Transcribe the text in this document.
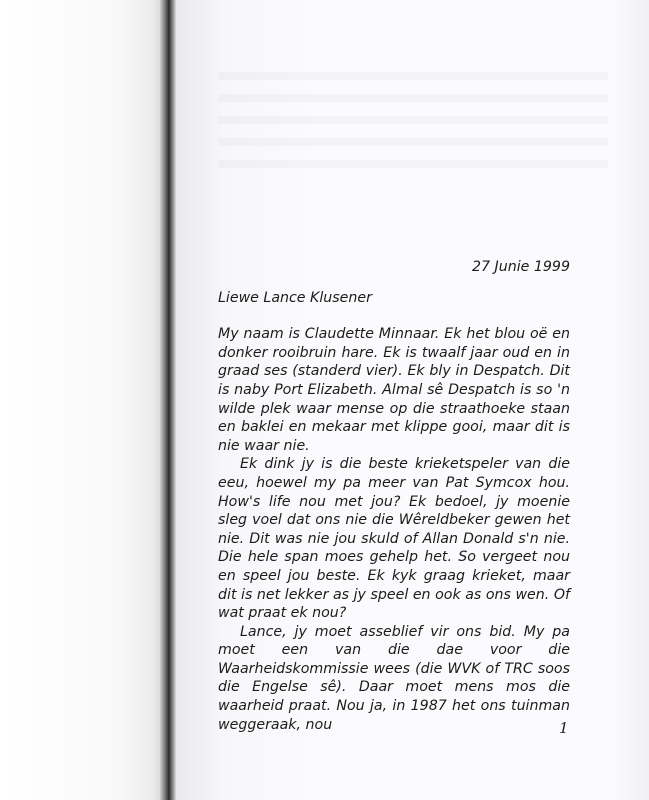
27 Junie 1999

Liewe Lance Klusener

My naam is Claudette Minnaar. Ek het blou oë en donker rooibruin hare. Ek is twaalf jaar oud en in graad ses (standerd vier). Ek bly in Despatch. Dit is naby Port Elizabeth. Almal sê Despatch is so 'n wilde plek waar mense op die straathoeke staan en baklei en mekaar met klippe gooi, maar dit is nie waar nie.

Ek dink jy is die beste krieketspeler van die eeu, hoewel my pa meer van Pat Symcox hou. How's life nou met jou? Ek bedoel, jy moenie sleg voel dat ons nie die Wêreldbeker gewen het nie. Dit was nie jou skuld of Allan Donald s'n nie. Die hele span moes gehelp het. So vergeet nou en speel jou beste. Ek kyk graag krieket, maar dit is net lekker as jy speel en ook as ons wen. Of wat praat ek nou?

Lance, jy moet asseblief vir ons bid. My pa moet een van die dae voor die Waarheidskommissie wees (die WVK of TRC soos die Engelse sê). Daar moet mens mos die waarheid praat. Nou ja, in 1987 het ons tuinman weggeraak, nou	1
